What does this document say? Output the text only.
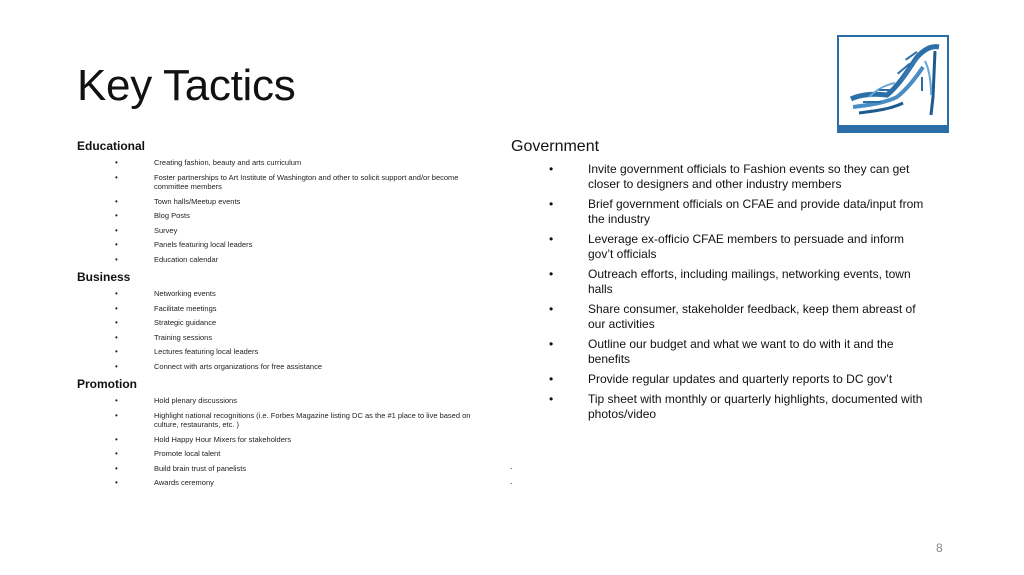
Key Tactics
Educational
•	Creating fashion, beauty and arts curriculum
•	Foster partnerships to Art Institute of Washington and other to solicit support and/or become committee members
•	Town halls/Meetup events
•	Blog Posts
•	Survey
•	Panels featuring local leaders
•	Education calendar
Business
•	Networking events
•	Facilitate meetings
•	Strategic guidance
•	Training sessions
•	Lectures featuring local leaders
•	Connect with arts organizations for free assistance
Promotion
•	Hold plenary discussions
•	Highlight national recognitions (i.e. Forbes Magazine listing DC as the #1 place to live based on culture, restaurants, etc. )
•	Hold Happy Hour Mixers for stakeholders
•	Promote local talent
•	Build brain trust of panelists
•	Awards ceremony
Government
•	Invite government officials to Fashion events so they can get closer to designers and other industry members
•	Brief government officials on CFAE and provide data/input from the industry
•	Leverage ex-officio CFAE members to persuade and inform gov’t officials
•	Outreach efforts, including mailings, networking events, town halls
•	Share consumer, stakeholder feedback, keep them abreast of our activities
•	Outline our budget and what we want to do with it and the benefits
•	Provide regular updates and quarterly reports to DC gov’t
•	Tip sheet with monthly or quarterly highlights, documented with photos/video
.
.
8
